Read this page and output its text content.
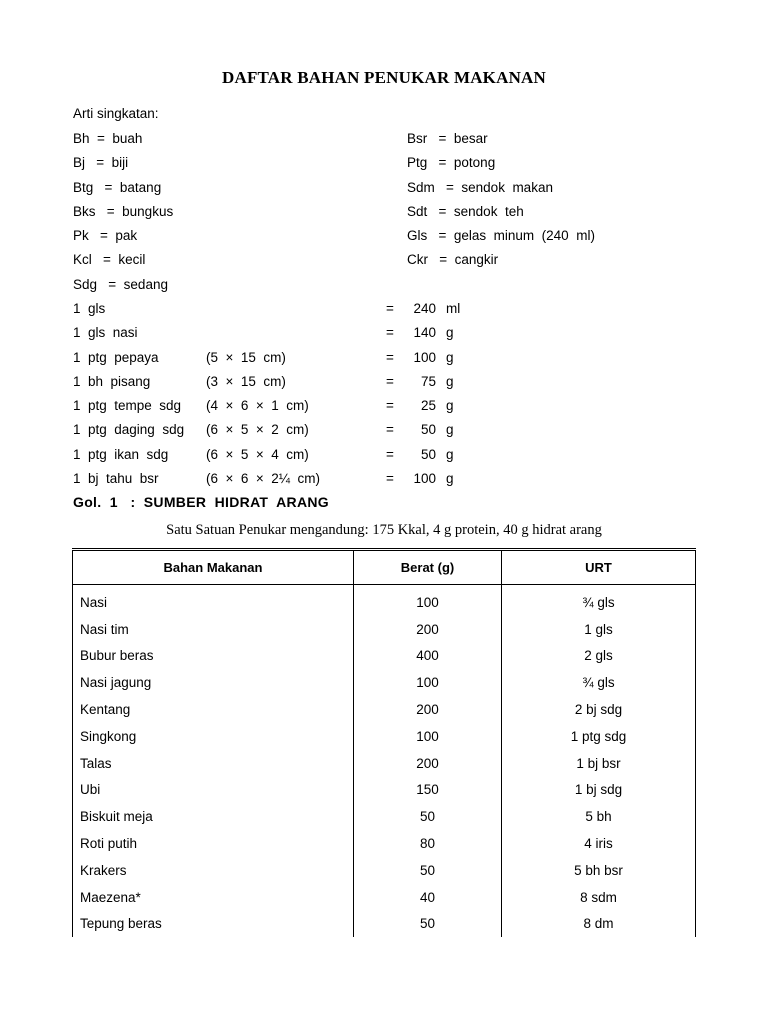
DAFTAR BAHAN PENUKAR MAKANAN
Arti singkatan:
Bh  =  buah
Bj   =  biji
Btg   =  batang
Bks   =  bungkus
Pk   =  pak
Kcl   =  kecil
Sdg   =  sedang
Bsr   =  besar
Ptg   =  potong
Sdm   =  sendok  makan
Sdt   =  sendok  teh
Gls   =  gelas  minum  (240  ml)
Ckr   =  cangkir
1  gls	=	240 ml
1  gls  nasi	=	140 g
1  ptg  pepaya	(5  ×  15  cm)	=	100 g
1  bh  pisang	(3  ×  15  cm)	=	75 g
1  ptg  tempe  sdg (4  ×  6  ×  1  cm)	=	25 g
1  ptg  daging  sdg (6  ×  5  ×  2  cm)	=	50 g
1  ptg  ikan  sdg	(6  ×  5  ×  4  cm)	=	50 g
1  bj  tahu  bsr	(6  ×  6  ×  2¼  cm)	=	100 g
Gol.  1   :  SUMBER  HIDRAT  ARANG
Satu Satuan Penukar mengandung: 175 Kkal, 4 g protein, 40 g hidrat arang
Bahan Makanan	Berat (g)	URT
Nasi	100	¾ gls
Nasi tim	200	1 gls
Bubur beras	400	2 gls
Nasi jagung	100	¾ gls
Kentang	200	2 bj sdg
Singkong	100	1 ptg sdg
Talas	200	1 bj bsr
Ubi	150	1 bj sdg
Biskuit meja	50	5 bh
Roti putih	80	4 iris
Krakers	50	5 bh bsr
Maezena*	40	8 sdm
Tepung beras	50	8 dm
